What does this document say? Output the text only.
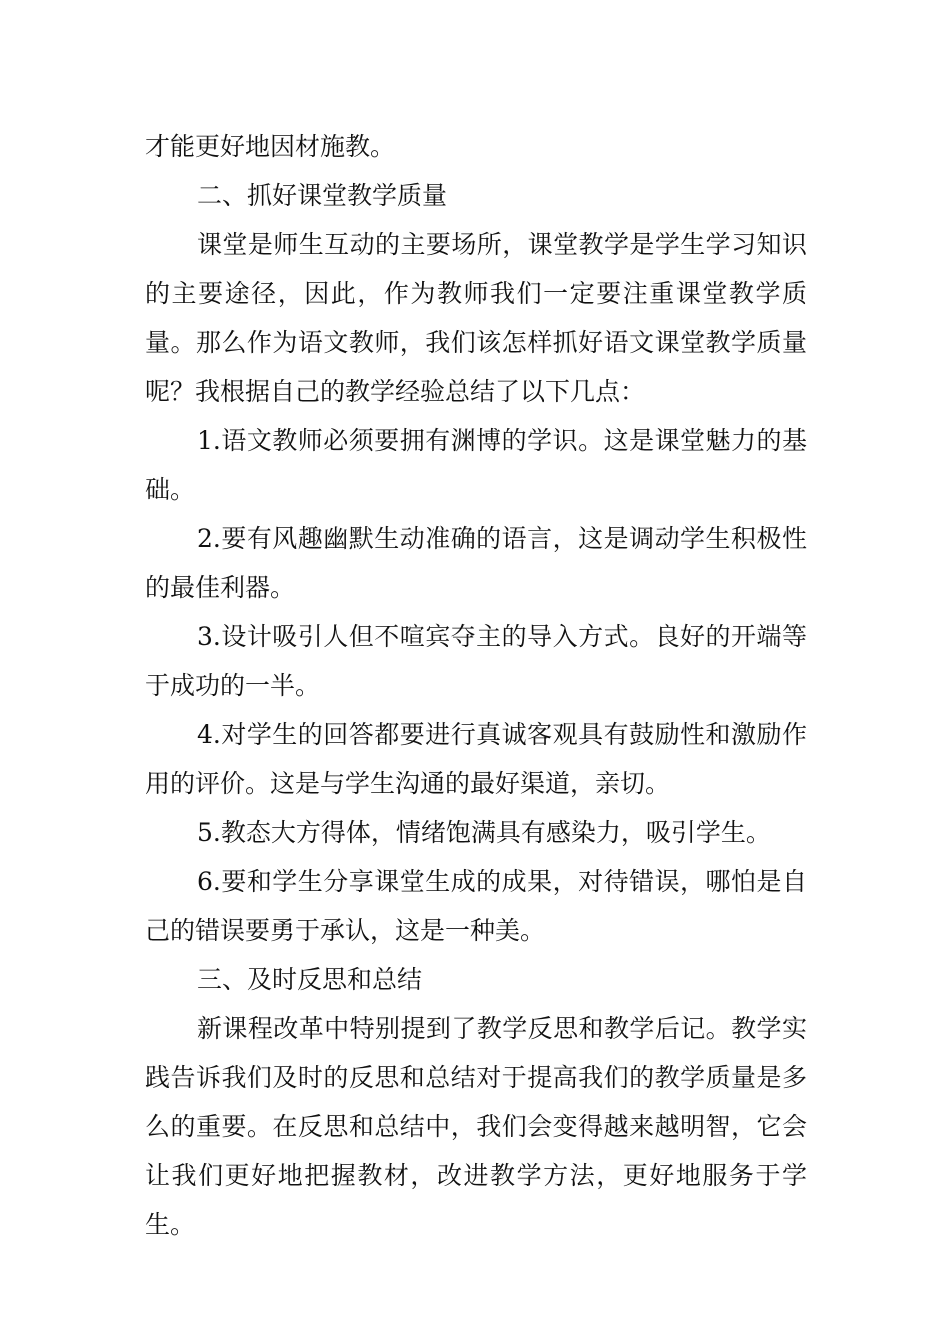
才能更好地因材施教。

二、抓好课堂教学质量

课堂是师生互动的主要场所，课堂教学是学生学习知识的主要途径，因此，作为教师我们一定要注重课堂教学质量。那么作为语文教师，我们该怎样抓好语文课堂教学质量呢？我根据自己的教学经验总结了以下几点：

1.语文教师必须要拥有渊博的学识。这是课堂魅力的基础。

2.要有风趣幽默生动准确的语言，这是调动学生积极性的最佳利器。

3.设计吸引人但不喧宾夺主的导入方式。良好的开端等于成功的一半。

4.对学生的回答都要进行真诚客观具有鼓励性和激励作用的评价。这是与学生沟通的最好渠道，亲切。

5.教态大方得体，情绪饱满具有感染力，吸引学生。

6.要和学生分享课堂生成的成果，对待错误，哪怕是自己的错误要勇于承认，这是一种美。

三、及时反思和总结

新课程改革中特别提到了教学反思和教学后记。教学实践告诉我们及时的反思和总结对于提高我们的教学质量是多么的重要。在反思和总结中，我们会变得越来越明智，它会让我们更好地把握教材，改进教学方法，更好地服务于学生。
